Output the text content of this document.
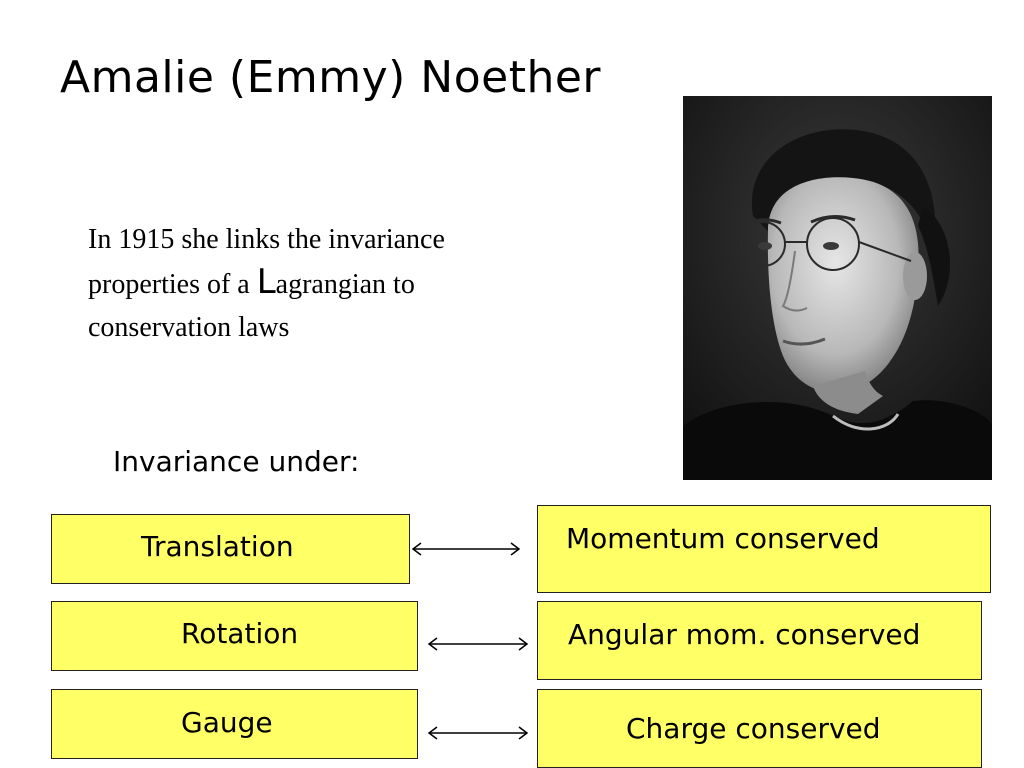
Amalie (Emmy) Noether
In 1915 she links the invariance
properties of a Lagrangian to
conservation laws
Invariance under:
Translation	Momentum conserved
Rotation	Angular mom. conserved
Gauge	Charge conserved
